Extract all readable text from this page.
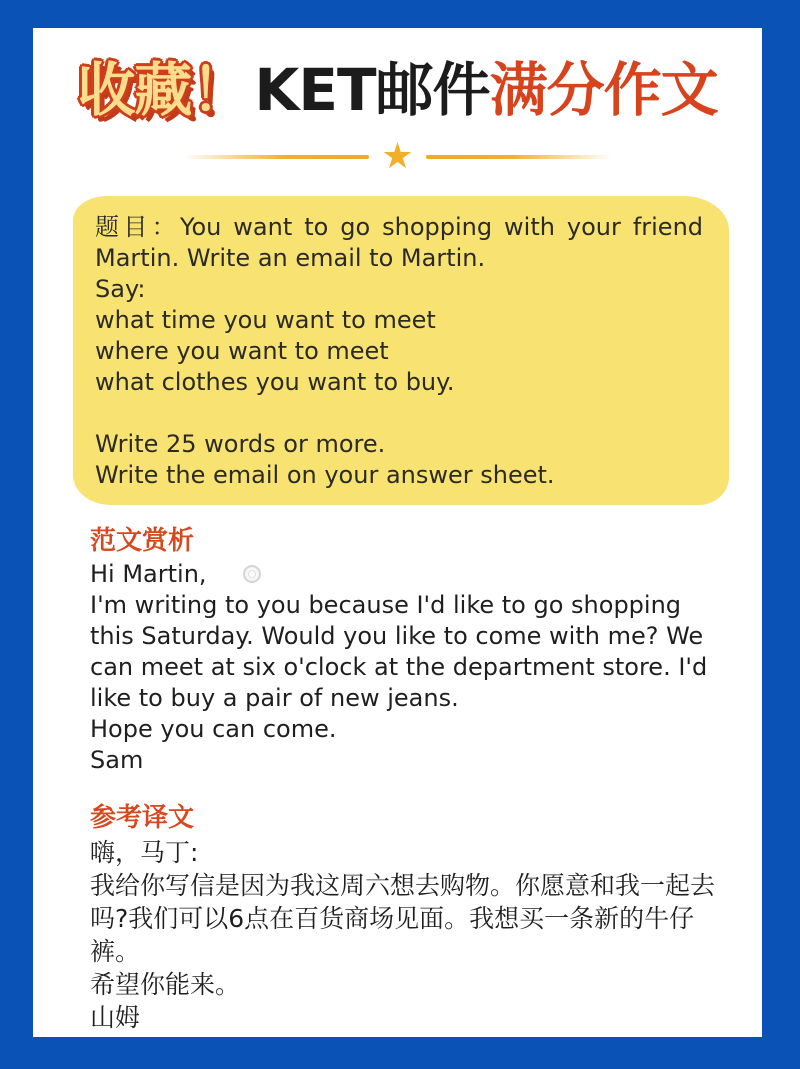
收藏！ KET邮件满分作文
★

题目：You want to go shopping with your friend Martin. Write an email to Martin.

Say:

what time you want to meet

where you want to meet

what clothes you want to buy.

Write 25 words or more.

Write the email on your answer sheet.

范文赏析

Hi Martin,

I'm writing to you because I'd like to go shopping this Saturday. Would you like to come with me? We can meet at six o'clock at the department store. I'd like to buy a pair of new jeans.

Hope you can come.

Sam

参考译文

嗨，马丁:

我给你写信是因为我这周六想去购物。你愿意和我一起去吗?我们可以6点在百货商场见面。我想买一条新的牛仔裤。

希望你能来。

山姆
